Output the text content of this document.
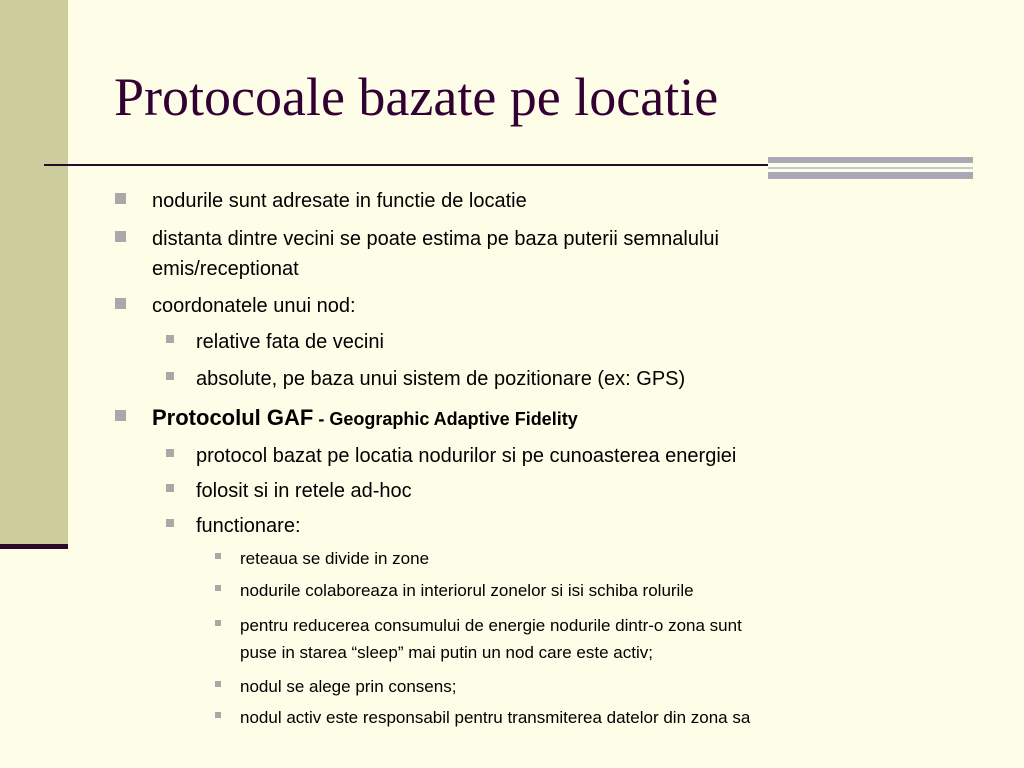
Protocoale bazate pe locatie
nodurile sunt adresate in functie de locatie
distanta dintre vecini se poate estima pe baza puterii semnalului
emis/receptionat
coordonatele unui nod:
relative fata de vecini
absolute, pe baza unui sistem de pozitionare (ex: GPS)
Protocolul GAF - Geographic Adaptive Fidelity
protocol bazat pe locatia nodurilor si pe cunoasterea energiei
folosit si in retele ad-hoc
functionare:
reteaua se divide in zone
nodurile colaboreaza in interiorul zonelor si isi schiba rolurile
pentru reducerea consumului de energie nodurile dintr-o zona sunt
puse in starea “sleep” mai putin un nod care este activ;
nodul se alege prin consens;
nodul activ este responsabil pentru transmiterea datelor din zona sa
